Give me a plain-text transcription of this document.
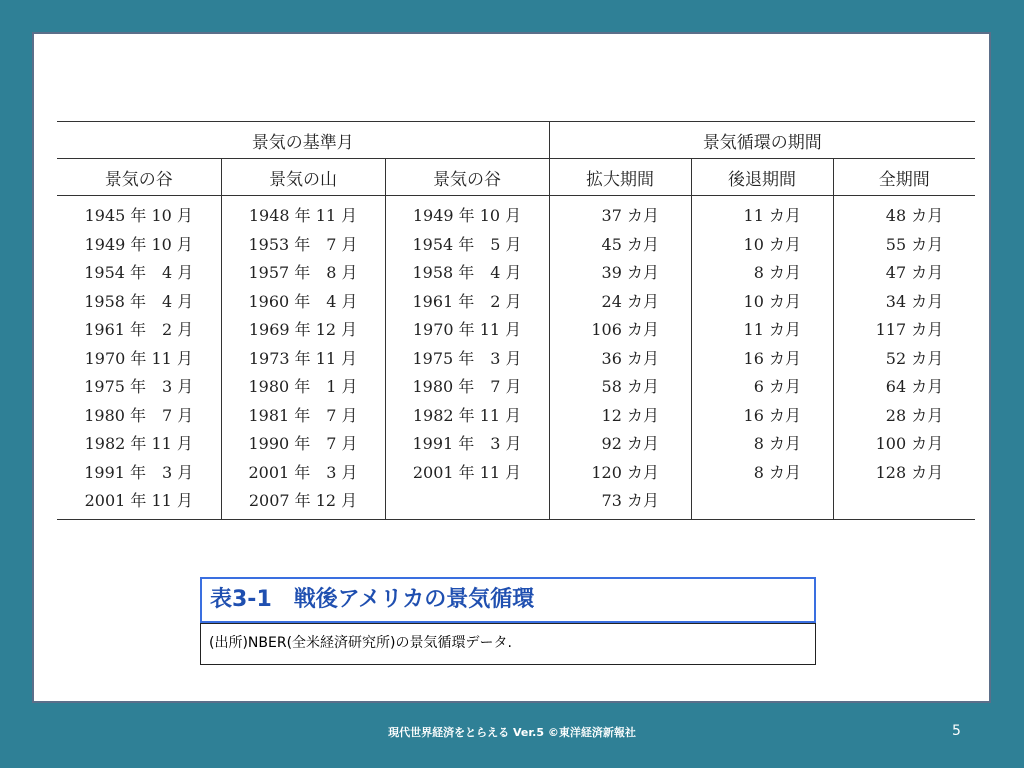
景気の基準月			景気循環の期間		
景気の谷	景気の山	景気の谷	拡大期間	後退期間	全期間
1945 年 10 月	1948 年 11 月	1949 年 10 月	37 カ月	11 カ月	48 カ月
1949 年 10 月	1953 年　7 月	1954 年　5 月	45 カ月	10 カ月	55 カ月
1954 年　4 月	1957 年　8 月	1958 年　4 月	39 カ月	8 カ月	47 カ月
1958 年　4 月	1960 年　4 月	1961 年　2 月	24 カ月	10 カ月	34 カ月
1961 年　2 月	1969 年 12 月	1970 年 11 月	106 カ月	11 カ月	117 カ月
1970 年 11 月	1973 年 11 月	1975 年　3 月	36 カ月	16 カ月	52 カ月
1975 年　3 月	1980 年　1 月	1980 年　7 月	58 カ月	6 カ月	64 カ月
1980 年　7 月	1981 年　7 月	1982 年 11 月	12 カ月	16 カ月	28 カ月
1982 年 11 月	1990 年　7 月	1991 年　3 月	92 カ月	8 カ月	100 カ月
1991 年　3 月	2001 年　3 月	2001 年 11 月	120 カ月	8 カ月	128 カ月
2001 年 11 月	2007 年 12 月		73 カ月		
表3-1　戦後アメリカの景気循環
(出所)NBER(全米経済研究所)の景気循環データ.
現代世界経済をとらえる Ver.5 ©東洋経済新報社	5
